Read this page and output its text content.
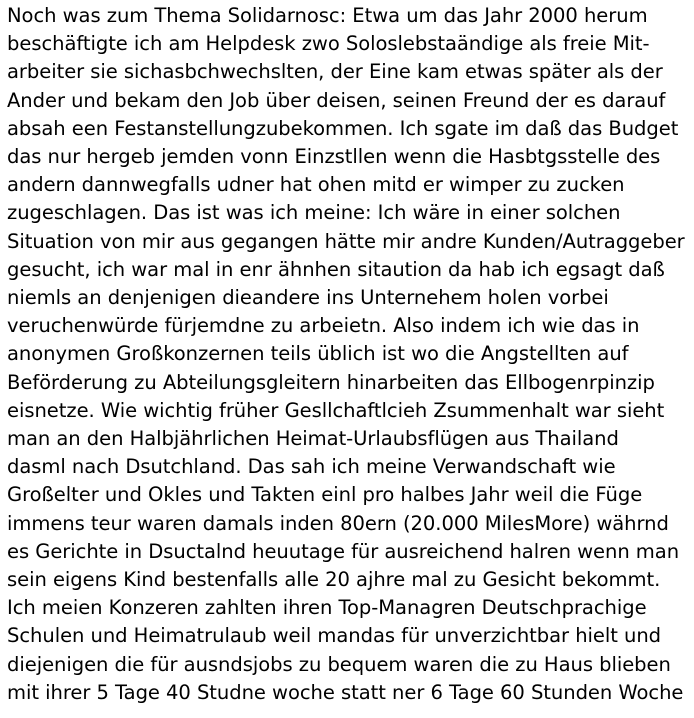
Noch was zum Thema Solidarnosc: Etwa um das Jahr 2000 herum
beschäftigte ich am Helpdesk zwo Soloslebstaändige als freie Mit-
arbeiter sie sichasbchwechslten, der Eine kam etwas später als der
Ander und bekam den Job über deisen, seinen Freund der es darauf
absah een Festanstellungzubekommen. Ich sgate im daß das Budget
das nur hergeb jemden vonn Einzstllen wenn die Hasbtgsstelle des
andern dannwegfalls udner hat ohen mitd er wimper zu zucken
zugeschlagen. Das ist was ich meine: Ich wäre in einer solchen
Situation von mir aus gegangen hätte mir andre Kunden/Autraggeber
gesucht, ich war mal in enr ähnhen sitaution da hab ich egsagt daß
niemls an denjenigen dieandere ins Unternehem holen vorbei
veruchenwürde fürjemdne zu arbeietn. Also indem ich wie das in
anonymen Großkonzernen teils üblich ist wo die Angstellten auf
Beförderung zu Abteilungsgleitern hinarbeiten das Ellbogenrpinzip
eisnetze. Wie wichtig früher Gesllchaftlcieh Zsummenhalt war sieht
man an den Halbjährlichen Heimat-Urlaubsflügen aus Thailand
dasml nach Dsutchland. Das sah ich meine Verwandschaft wie
Großelter und Okles und Takten einl pro halbes Jahr weil die Füge
immens teur waren damals inden 80ern (20.000 MilesMore) währnd
es Gerichte in Dsuctalnd heuutage für ausreichend halren wenn man
sein eigens Kind bestenfalls alle 20 ajhre mal zu Gesicht bekommt.
Ich meien Konzeren zahlten ihren Top-Managren Deutschprachige
Schulen und Heimatrulaub weil mandas für unverzichtbar hielt und
diejenigen die für ausndsjobs zu bequem waren die zu Haus blieben
mit ihrer 5 Tage 40 Studne woche statt ner 6 Tage 60 Stunden Woche
